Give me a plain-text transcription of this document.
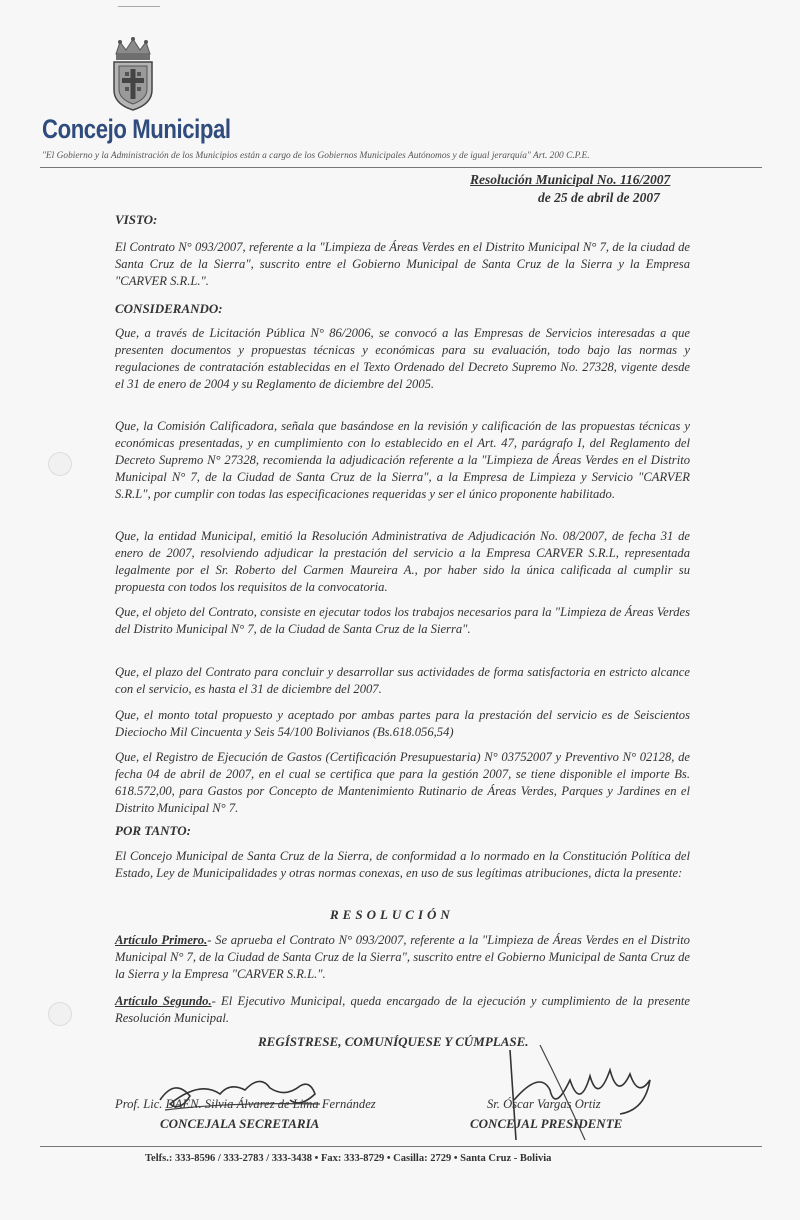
Concejo Municipal
"El Gobierno y la Administración de los Municipios están a cargo de los Gobiernos Municipales Autónomos y de igual jerarquía" Art. 200 C.P.E.
Resolución Municipal No. 116/2007
de 25 de abril de 2007
VISTO:

El Contrato N° 093/2007, referente a la "Limpieza de Áreas Verdes en el Distrito Municipal N° 7, de la ciudad de Santa Cruz de la Sierra", suscrito entre el Gobierno Municipal de Santa Cruz de la Sierra y la Empresa "CARVER S.R.L.".

CONSIDERANDO:

Que, a través de Licitación Pública N° 86/2006, se convocó a las Empresas de Servicios interesadas a que presenten documentos y propuestas técnicas y económicas para su evaluación, todo bajo las normas y regulaciones de contratación establecidas en el Texto Ordenado del Decreto Supremo No. 27328, vigente desde el 31 de enero de 2004 y su Reglamento de diciembre del 2005.

Que, la Comisión Calificadora, señala que basándose en la revisión y calificación de las propuestas técnicas y económicas presentadas, y en cumplimiento con lo establecido en el Art. 47, parágrafo I, del Reglamento del Decreto Supremo N° 27328, recomienda la adjudicación referente a la "Limpieza de Áreas Verdes en el Distrito Municipal N° 7, de la Ciudad de Santa Cruz de la Sierra", a la Empresa de Limpieza y Servicio "CARVER S.R.L", por cumplir con todas las especificaciones requeridas y ser el único proponente habilitado.

Que, la entidad Municipal, emitió la Resolución Administrativa de Adjudicación No. 08/2007, de fecha 31 de enero de 2007, resolviendo adjudicar la prestación del servicio a la Empresa CARVER S.R.L, representada legalmente por el Sr. Roberto del Carmen Maureira A., por haber sido la única calificada al cumplir su propuesta con todos los requisitos de la convocatoria.

Que, el objeto del Contrato, consiste en ejecutar todos los trabajos necesarios para la "Limpieza de Áreas Verdes del Distrito Municipal N° 7, de la Ciudad de Santa Cruz de la Sierra".

Que, el plazo del Contrato para concluir y desarrollar sus actividades de forma satisfactoria en estricto alcance con el servicio, es hasta el 31 de diciembre del 2007.

Que, el monto total propuesto y aceptado por ambas partes para la prestación del servicio es de Seiscientos Dieciocho Mil Cincuenta y Seis 54/100 Bolivianos (Bs.618.056,54)

Que, el Registro de Ejecución de Gastos (Certificación Presupuestaria) N° 03752007 y Preventivo N° 02128, de fecha 04 de abril de 2007, en el cual se certifica que para la gestión 2007, se tiene disponible el importe Bs. 618.572,00, para Gastos por Concepto de Mantenimiento Rutinario de Áreas Verdes, Parques y Jardines en el Distrito Municipal N° 7.

POR TANTO:

El Concejo Municipal de Santa Cruz de la Sierra, de conformidad a lo normado en la Constitución Política del Estado, Ley de Municipalidades y otras normas conexas, en uso de sus legítimas atribuciones, dicta la presente:

RESOLUCIÓN

Artículo Primero.- Se aprueba el Contrato N° 093/2007, referente a la "Limpieza de Áreas Verdes en el Distrito Municipal N° 7, de la Ciudad de Santa Cruz de la Sierra", suscrito entre el Gobierno Municipal de Santa Cruz de la Sierra y la Empresa "CARVER S.R.L.".

Artículo Segundo.- El Ejecutivo Municipal, queda encargado de la ejecución y cumplimiento de la presente Resolución Municipal.

REGÍSTRESE, COMUNÍQUESE Y CÚMPLASE.
Prof. Lic. DAEN. Silvia Álvarez de Lima Fernández
CONCEJALA SECRETARIA
Sr. Óscar Vargas Ortiz
CONCEJAL PRESIDENTE
Telfs.: 333-8596 / 333-2783 / 333-3438 • Fax: 333-8729 • Casilla: 2729 • Santa Cruz - Bolivia
